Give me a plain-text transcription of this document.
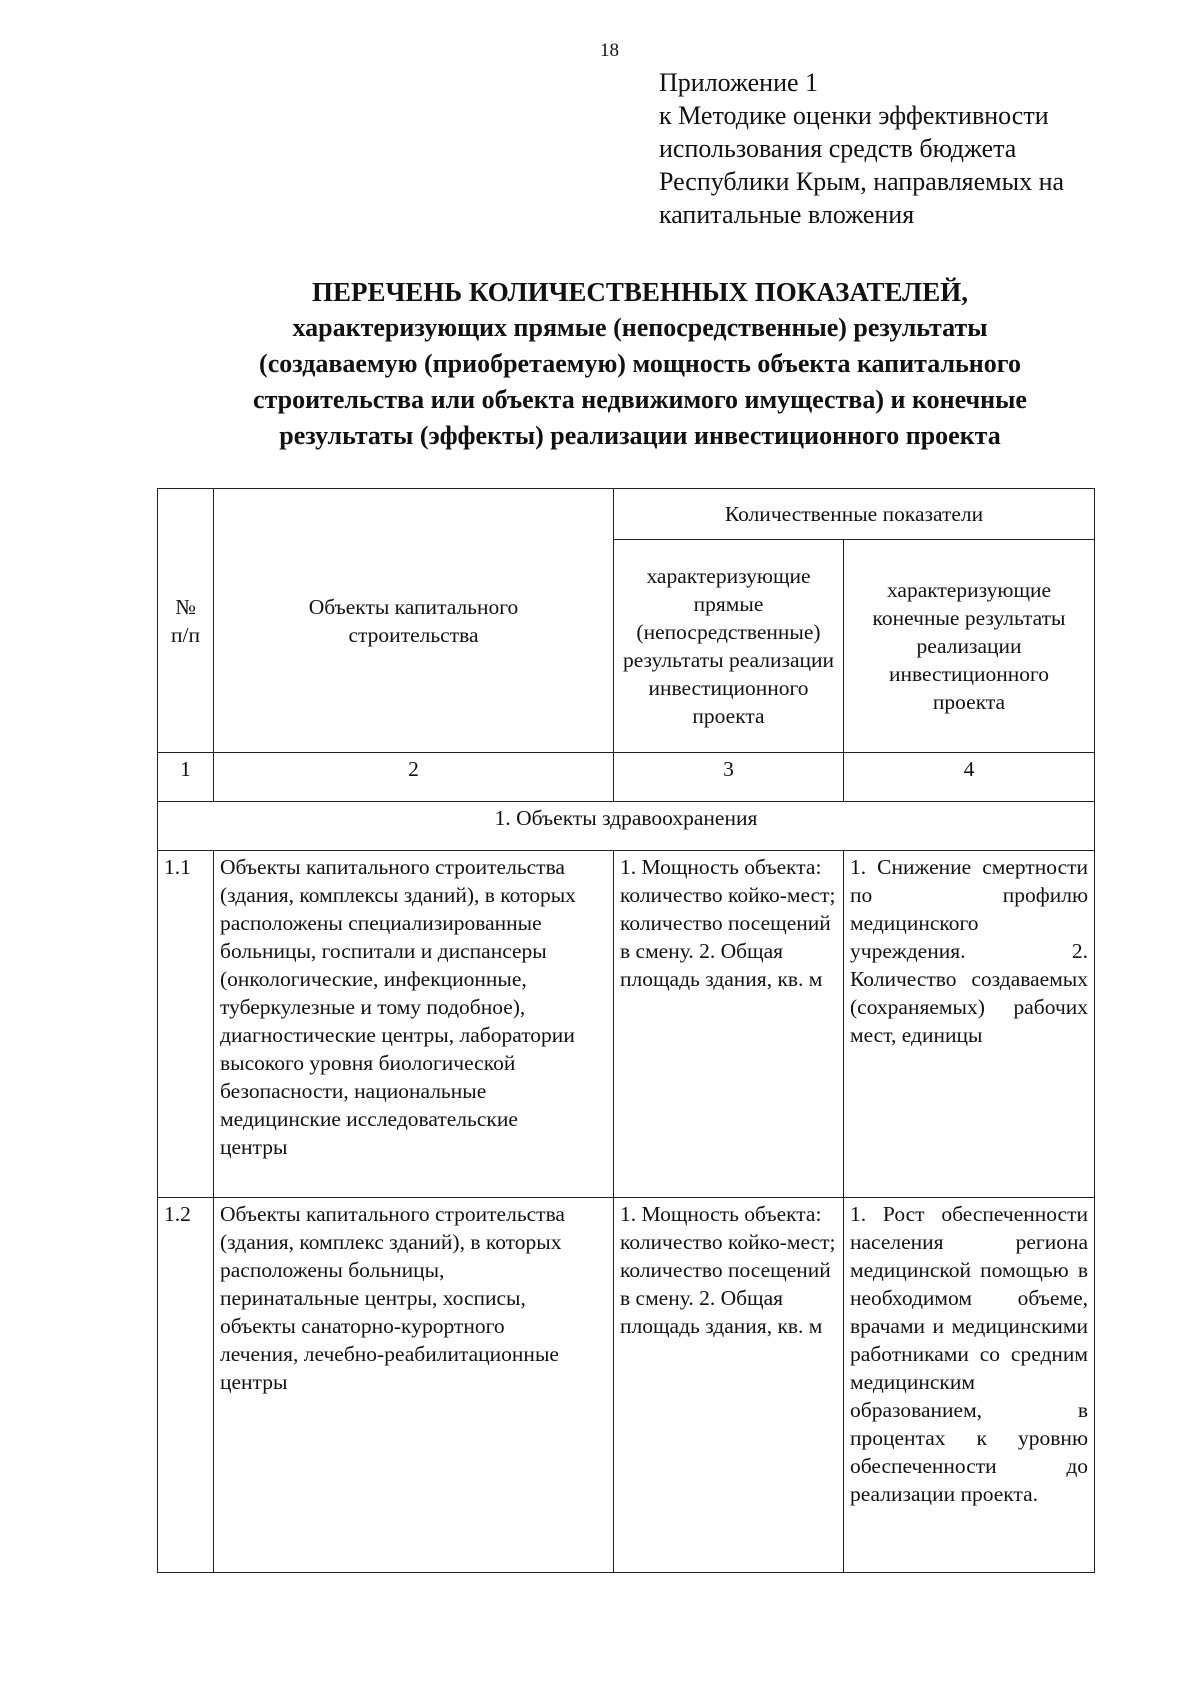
18
Приложение 1
к Методике оценки эффективности
использования средств бюджета
Республики Крым, направляемых на
капитальные вложения
ПЕРЕЧЕНЬ КОЛИЧЕСТВЕННЫХ ПОКАЗАТЕЛЕЙ,
характеризующих прямые (непосредственные) результаты
(создаваемую (приобретаемую) мощность объекта капитального
строительства или объекта недвижимого имущества) и конечные
результаты (эффекты) реализации инвестиционного проекта
№ п/п	Объекты капитального строительства	Количественные показатели	
		характеризующие прямые (непосредственные) результаты реализации инвестиционного проекта	характеризующие конечные результаты реализации инвестиционного проекта
1	2	3	4
1. Объекты здравоохранения			
1.1	Объекты капитального строительства (здания, комплексы зданий), в которых расположены специализированные больницы, госпитали и диспансеры (онкологические, инфекционные, туберкулезные и тому подобное), диагностические центры, лаборатории высокого уровня биологической безопасности, национальные медицинские исследовательские центры	1. Мощность объекта: количество койко-мест; количество посещений в смену. 2. Общая площадь здания, кв. м	1. Снижение смертности по профилю медицинского учреждения. 2. Количество создаваемых (сохраняемых) рабочих мест, единицы
1.2	Объекты капитального строительства (здания, комплекс зданий), в которых расположены больницы, перинатальные центры, хосписы, объекты санаторно-курортного лечения, лечебно-реабилитационные центры	1. Мощность объекта: количество койко-мест; количество посещений в смену. 2. Общая площадь здания, кв. м	1. Рост обеспеченности населения региона медицинской помощью в необходимом объеме, врачами и медицинскими работниками со средним медицинским образованием, в процентах к уровню обеспеченности до реализации проекта.
